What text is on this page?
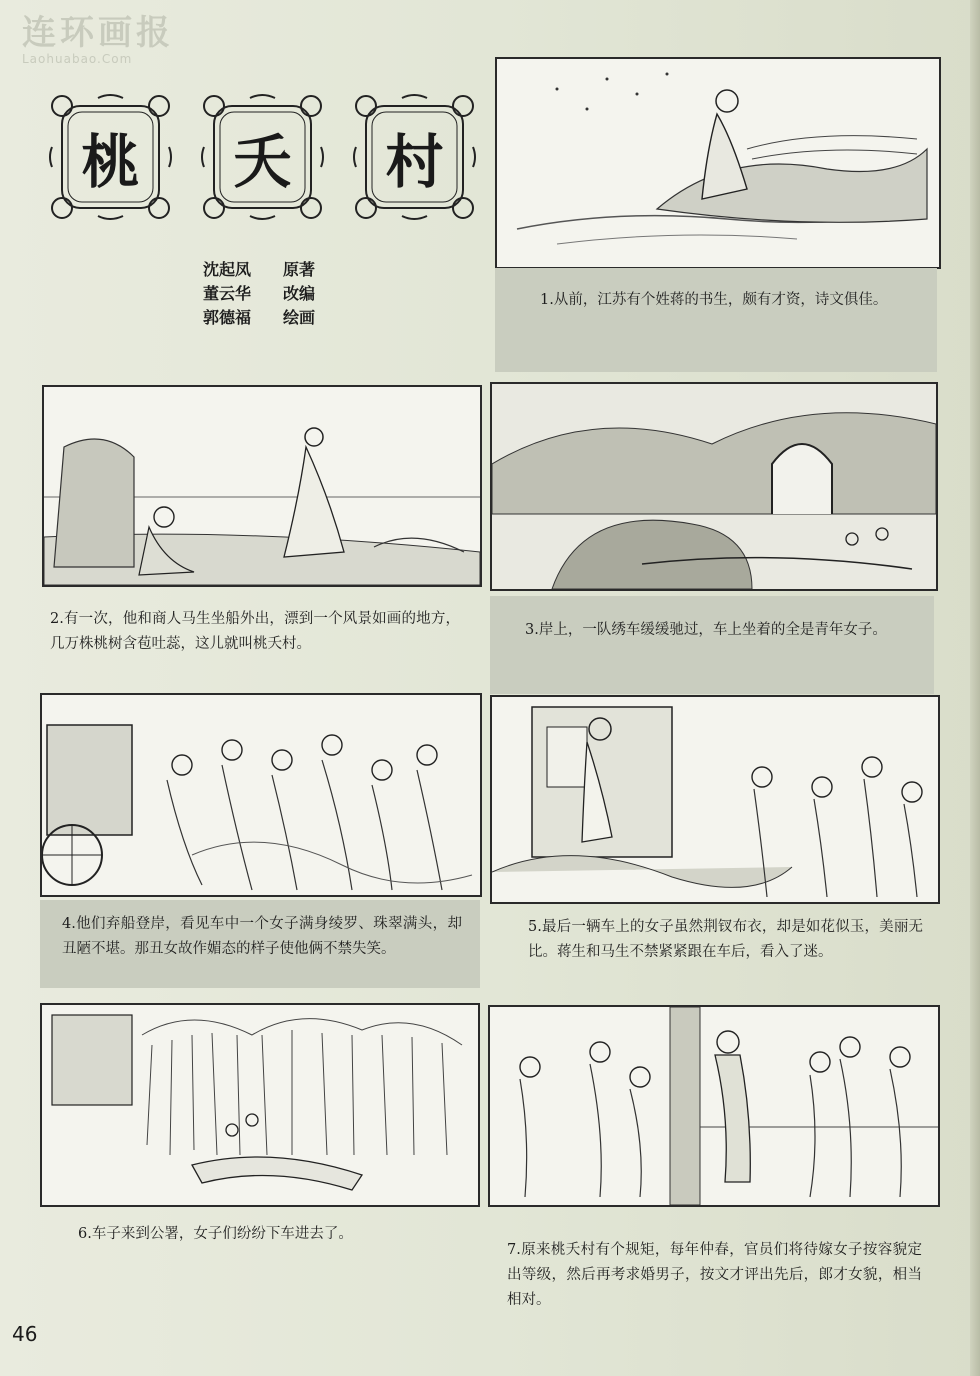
连环画报
Laohuabao.Com
桃 夭 村
沈起凤	原著
董云华	改编
郭德福	绘画
1.从前，江苏有个姓蒋的书生，颇有才资，诗文俱佳。
2.有一次，他和商人马生坐船外出，漂到一个风景如画的地方，几万株桃树含苞吐蕊，这儿就叫桃夭村。
3.岸上，一队绣车缓缓驰过，车上坐着的全是青年女子。
4.他们弃船登岸，看见车中一个女子满身绫罗、珠翠满头，却丑陋不堪。那丑女故作媚态的样子使他俩不禁失笑。
5.最后一辆车上的女子虽然荆钗布衣，却是如花似玉，美丽无比。蒋生和马生不禁紧紧跟在车后，看入了迷。
6.车子来到公署，女子们纷纷下车进去了。
7.原来桃夭村有个规矩，每年仲春，官员们将待嫁女子按容貌定出等级，然后再考求婚男子，按文才评出先后，郎才女貌，相当相对。
46
